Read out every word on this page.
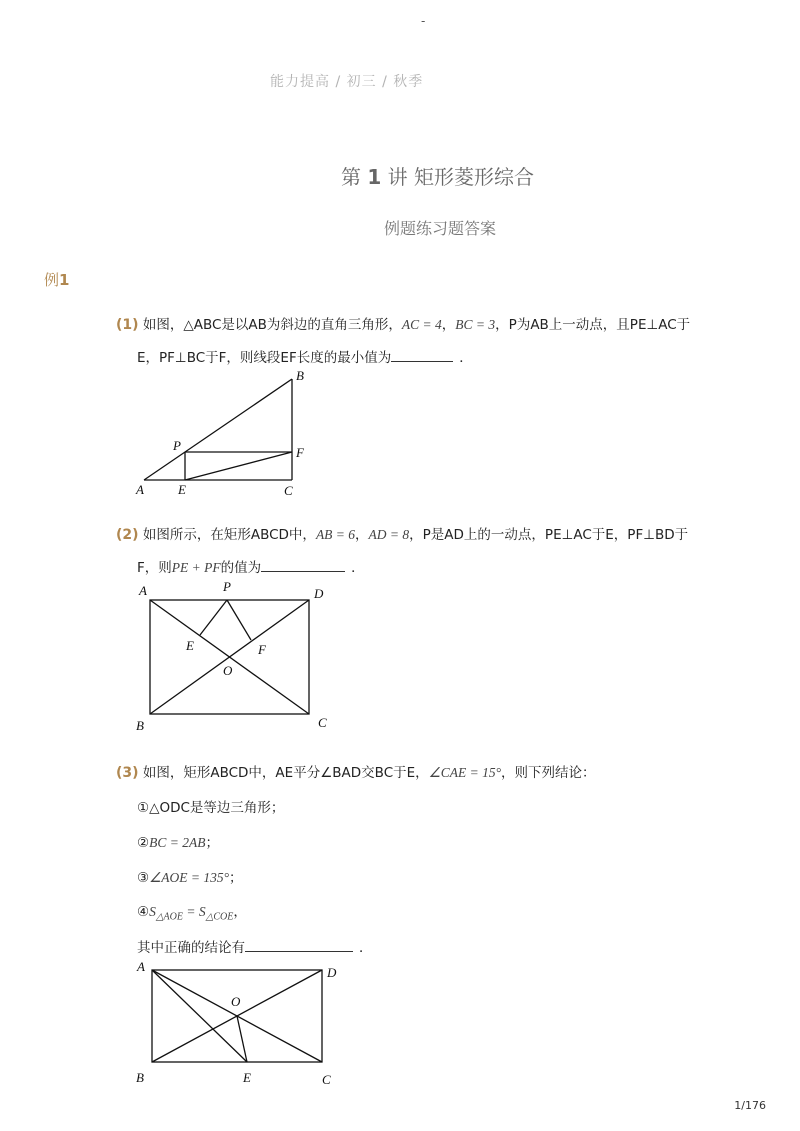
-
能力提高 / 初三 / 秋季
第 1 讲 矩形菱形综合
例题练习题答案
例1
(1) 如图，△ABC是以AB为斜边的直角三角形，AC = 4，BC = 3，P为AB上一动点，且PE⊥AC于
E，PF⊥BC于F，则线段EF长度的最小值为	．
A
B
C
E
F
P
(2) 如图所示，在矩形ABCD中，AB = 6，AD = 8，P是AD上的一动点，PE⊥AC于E，PF⊥BD于
F，则PE + PF的值为	．
A
B	C
D
E	F
O
P
(3) 如图，矩形ABCD中，AE平分∠BAD交BC于E，∠CAE = 15°，则下列结论：
①△ODC是等边三角形；
②BC = 2AB；
③∠AOE = 135°；
$④S_{\triangle AOE} = S_{\triangle COE}$，
其中正确的结论有	．
A
B	C
D
E
O
1/176
